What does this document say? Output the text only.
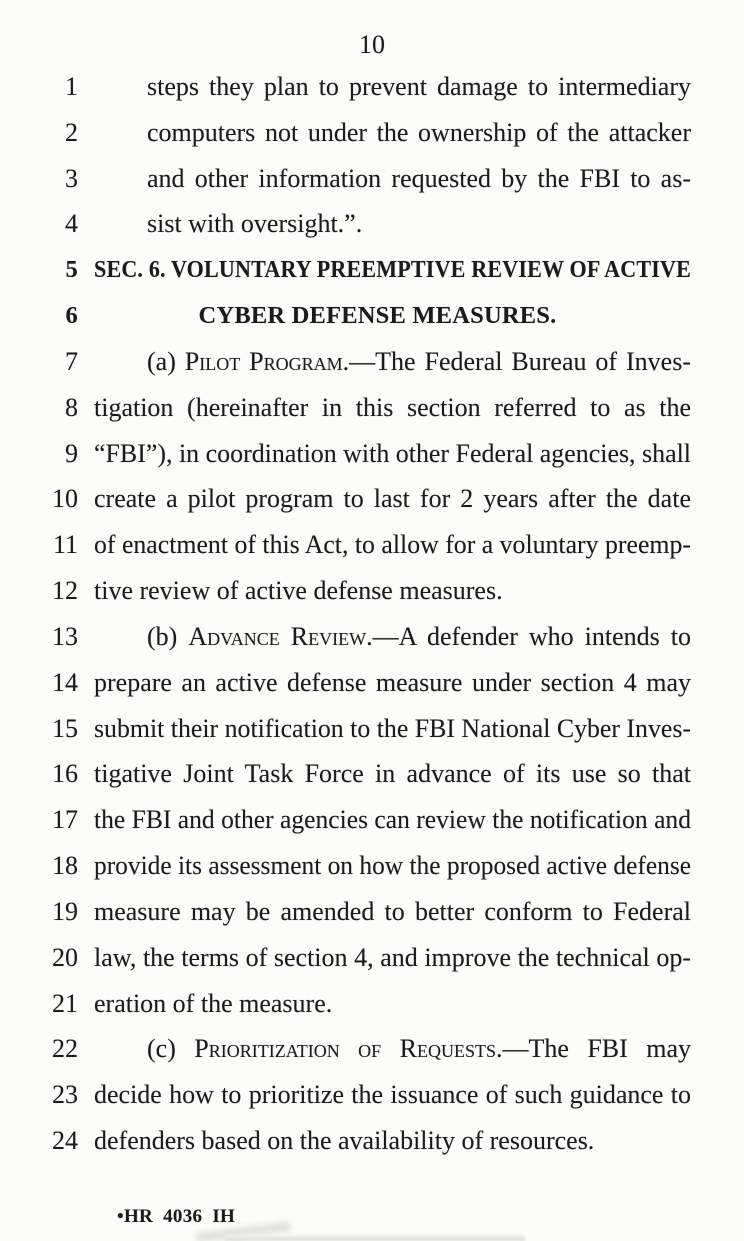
10
1	steps they plan to prevent damage to intermediary
2	computers not under the ownership of the attacker
3	and other information requested by the FBI to as-
4	sist with oversight.”.
5 SEC. 6. VOLUNTARY PREEMPTIVE REVIEW OF ACTIVE
6	CYBER DEFENSE MEASURES.
7	(a) Pilot Program.—The Federal Bureau of Inves-
8 tigation (hereinafter in this section referred to as the
9 “FBI”), in coordination with other Federal agencies, shall
10 create a pilot program to last for 2 years after the date
11 of enactment of this Act, to allow for a voluntary preemp-
12 tive review of active defense measures.
13	(b) Advance Review.—A defender who intends to
14 prepare an active defense measure under section 4 may
15 submit their notification to the FBI National Cyber Inves-
16 tigative Joint Task Force in advance of its use so that
17 the FBI and other agencies can review the notification and
18 provide its assessment on how the proposed active defense
19 measure may be amended to better conform to Federal
20 law, the terms of section 4, and improve the technical op-
21 eration of the measure.
22	(c) Prioritization of Requests.—The FBI may
23 decide how to prioritize the issuance of such guidance to
24 defenders based on the availability of resources.
•HR 4036 IH
